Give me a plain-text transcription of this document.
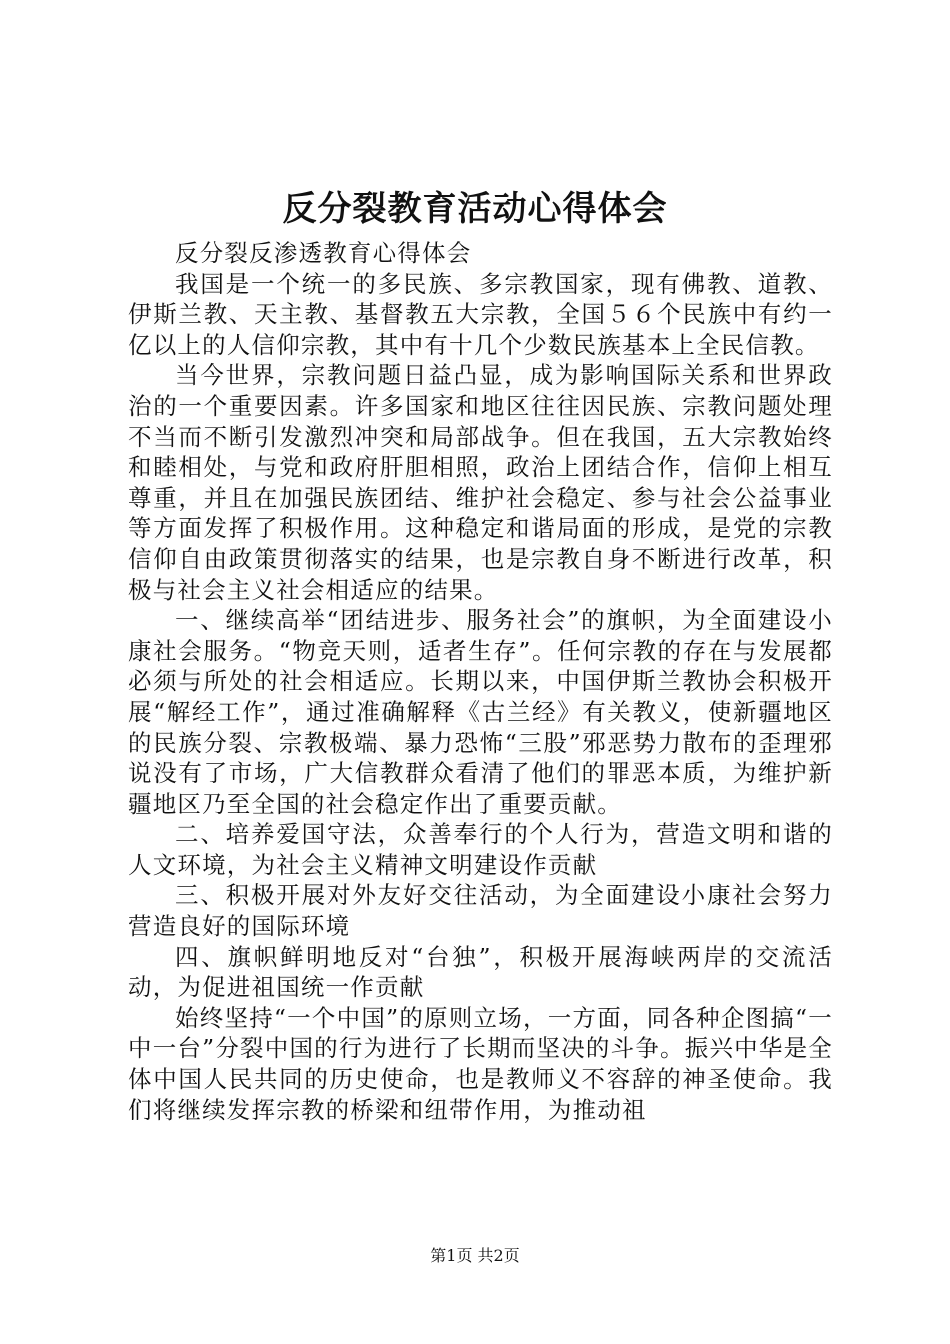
反分裂教育活动心得体会

反分裂反渗透教育心得体会

我国是一个统一的多民族、多宗教国家，现有佛教、道教、伊斯兰教、天主教、基督教五大宗教，全国５６个民族中有约一亿以上的人信仰宗教，其中有十几个少数民族基本上全民信教。

当今世界，宗教问题日益凸显，成为影响国际关系和世界政治的一个重要因素。许多国家和地区往往因民族、宗教问题处理不当而不断引发激烈冲突和局部战争。但在我国，五大宗教始终和睦相处，与党和政府肝胆相照，政治上团结合作，信仰上相互尊重，并且在加强民族团结、维护社会稳定、参与社会公益事业等方面发挥了积极作用。这种稳定和谐局面的形成，是党的宗教信仰自由政策贯彻落实的结果，也是宗教自身不断进行改革，积极与社会主义社会相适应的结果。

一、继续高举“团结进步、服务社会”的旗帜，为全面建设小康社会服务。“物竞天则，适者生存”。任何宗教的存在与发展都必须与所处的社会相适应。长期以来，中国伊斯兰教协会积极开展“解经工作”，通过准确解释《古兰经》有关教义，使新疆地区的民族分裂、宗教极端、暴力恐怖“三股”邪恶势力散布的歪理邪说没有了市场，广大信教群众看清了他们的罪恶本质，为维护新疆地区乃至全国的社会稳定作出了重要贡献。

二、培养爱国守法，众善奉行的个人行为，营造文明和谐的人文环境，为社会主义精神文明建设作贡献

三、积极开展对外友好交往活动，为全面建设小康社会努力营造良好的国际环境

四、旗帜鲜明地反对“台独”，积极开展海峡两岸的交流活动，为促进祖国统一作贡献

始终坚持“一个中国”的原则立场，一方面，同各种企图搞“一中一台”分裂中国的行为进行了长期而坚决的斗争。振兴中华是全体中国人民共同的历史使命，也是教师义不容辞的神圣使命。我们将继续发挥宗教的桥梁和纽带作用，为推动祖

第1页 共2页
